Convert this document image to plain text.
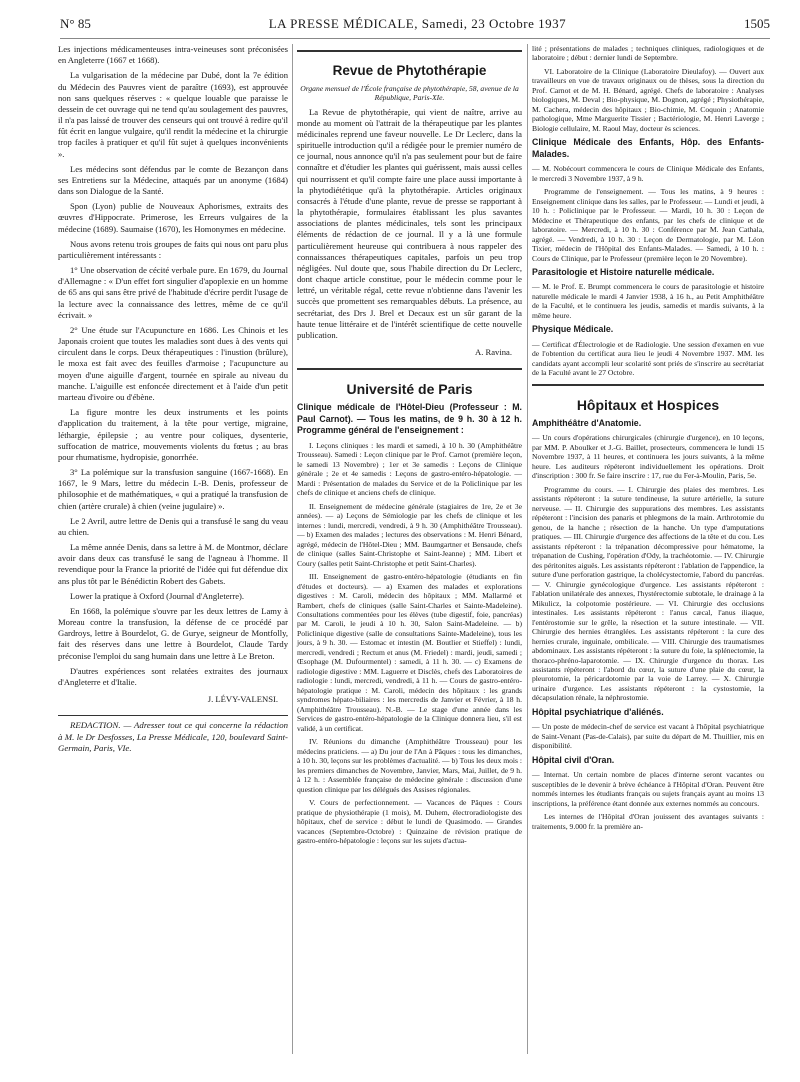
N° 85	LA PRESSE MÉDICALE, Samedi, 23 Octobre 1937	1505

Les injections médicamenteuses intra-veineuses sont préconisées en Angleterre (1667 et 1668).

La vulgarisation de la médecine par Dubé, dont la 7e édition du Médecin des Pauvres vient de paraître (1693), est approuvée non sans quelques réserves : « quelque louable que paraisse le dessein de cet ouvrage qui ne tend qu'au soulagement des pauvres, il n'a pas laissé de trouver des censeurs qui ont trouvé à redire qu'il fût écrit en langue vulgaire, qu'il rendit la médecine et la chirurgie trop faciles à pratiquer et qu'il fût sujet à quelques inconvénients ».

Les médecins sont défendus par le comte de Bezançon dans ses Entretiens sur la Médecine, attaqués par un anonyme (1684) dans son Dialogue de la Santé.

Spon (Lyon) publie de Nouveaux Aphorismes, extraits des œuvres d'Hippocrate. Primerose, les Erreurs vulgaires de la médecine (1689). Saumaise (1670), les Homonymes en médecine.

Nous avons retenu trois groupes de faits qui nous ont paru plus particulièrement intéressants :

1° Une observation de cécité verbale pure. En 1679, du Journal d'Allemagne : « D'un effet fort singulier d'apoplexie en un homme de 65 ans qui sans être privé de l'habitude d'écrire perdit l'usage de la lecture avec la connaissance des lettres, même de ce qu'il écrivait. »

2° Une étude sur l'Acupuncture en 1686. Les Chinois et les Japonais croient que toutes les maladies sont dues à des vents qui circulent dans le corps. Deux thérapeutiques : l'inustion (brûlure), le moxa est fait avec des feuilles d'armoise ; l'acupuncture au moyen d'une aiguille d'argent, tournée en spirale au niveau du manche. L'aiguille est enfoncée directement et à l'aide d'un petit marteau d'ivoire ou d'ébène.

La figure montre les deux instruments et les points d'application du traitement, à la tête pour vertige, migraine, léthargie, épilepsie ; au ventre pour coliques, dysenterie, suffocation de matrice, mouvements violents du fœtus ; au bras pour rhumatisme, hydropisie, gonorrhée.

3° La polémique sur la transfusion sanguine (1667-1668). En 1667, le 9 Mars, lettre du médecin I.-B. Denis, professeur de philosophie et de mathématiques, « qui a pratiqué la transfusion de chien (artère crurale) à chien (veine jugulaire) ».

Le 2 Avril, autre lettre de Denis qui a transfusé le sang du veau au chien.

La même année Denis, dans sa lettre à M. de Montmor, déclare avoir dans deux cas transfusé le sang de l'agneau à l'homme. Il revendique pour la France la priorité de l'idée qui fut défendue dix ans plus tôt par le Bénédictin Robert des Gabets.

Lower la pratique à Oxford (Journal d'Angleterre).

En 1668, la polémique s'ouvre par les deux lettres de Lamy à Moreau contre la transfusion, la défense de ce procédé par Gardroys, lettre à Bourdelot, G. de Gurye, seigneur de Montfolly, fait des réserves dans une lettre à Bourdelot, Claude Tardy préconise l'emploi du sang humain dans une lettre à Le Breton.

D'autres expériences sont relatées extraites des journaux d'Angleterre et d'Italie.

J. LÉVY-VALENSI.

REDACTION. — Adresser tout ce qui concerne la rédaction à M. le Dr Desfosses, La Presse Médicale, 120, boulevard Saint-Germain, Paris, VIe.

Revue de Phytothérapie

Organe mensuel de l'École française de phytothérapie, 58, avenue de la République, Paris-XIe.

La Revue de phytothérapie, qui vient de naître, arrive au monde au moment où l'attrait de la thérapeutique par les plantes médicinales reprend une faveur nouvelle. Le Dr Leclerc, dans la spirituelle introduction qu'il a rédigée pour le premier numéro de ce journal, nous annonce qu'il n'a pas seulement pour but de faire connaître et d'étudier les plantes qui guérissent, mais aussi celles qui nourrissent et qu'il compte faire une place aussi importante à la phytodiététique qu'à la phytothérapie. Articles originaux consacrés à l'étude d'une plante, revue de presse se rapportant à la phytothérapie, formulaires établissant les plus savantes associations de plantes médicinales, tels sont les principaux éléments de rédaction de ce journal. Il y a là une formule particulièrement heureuse qui contribuera à nous rappeler des connaissances thérapeutiques capitales, parfois un peu trop négligées. Nul doute que, sous l'habile direction du Dr Leclerc, dont chaque article constitue, pour le médecin comme pour le lettré, un véritable régal, cette revue n'obtienne dans l'avenir les succès que promettent ses remarquables débuts. La présence, au secrétariat, des Drs J. Brel et Decaux est un sûr garant de la haute tenue littéraire et de l'intérêt scientifique de cette nouvelle publication.

A. Ravina.
Université de Paris

Clinique médicale de l'Hôtel-Dieu (Professeur : M. Paul Carnot). — Tous les matins, de 9 h. 30 à 12 h. Programme général de l'enseignement :

I. Leçons cliniques : les mardi et samedi, à 10 h. 30 (Amphithéâtre Trousseau). Samedi : Leçon clinique par le Prof. Carnot (première leçon, le samedi 13 Novembre) ; 1er et 3e samedis : Leçons de Clinique générale ; 2e et 4e samedis : Leçons de gastro-entéro-hépatologie. — Mardi : Présentation de malades du Service et de la Policlinique par les chefs de clinique et anciens chefs de clinique.

II. Enseignement de médecine générale (stagiaires de 1re, 2e et 3e années). — a) Leçons de Sémiologie par les chefs de clinique et les internes : lundi, mercredi, vendredi, à 9 h. 30 (Amphithéâtre Trousseau). — b) Examen des malades ; lectures des observations : M. Henri Bénard, agrégé, médecin de l'Hôtel-Dieu ; MM. Baumgartner et Bensaude, chefs de clinique (salles Saint-Christophe et Saint-Jeanne) ; MM. Libert et Coury (salles petit Saint-Christophe et petit Saint-Charles).

III. Enseignement de gastro-entéro-hépatologie (étudiants en fin d'études et docteurs). — a) Examen des malades et explorations digestives : M. Caroli, médecin des hôpitaux ; MM. Mallarmé et Rambert, chefs de cliniques (salle Saint-Charles et Sainte-Madeleine). Consultations commentées pour les élèves (tube digestif, foie, pancréas) par M. Caroli, le jeudi à 10 h. 30, Salon Saint-Madeleine. — b) Policlinique digestive (salle de consultations Sainte-Madeleine), tous les jours, à 9 h. 30. — Estomac et intestin (M. Boutlier et Stieffel) : lundi, mercredi, vendredi ; Rectum et anus (M. Friedel) : mardi, jeudi, samedi ; Œsophage (M. Dufourmentel) : samedi, à 11 h. 30. — c) Examens de radiologie digestive : MM. Laguerre et Disclès, chefs des Laboratoires de radiologie : lundi, mercredi, vendredi, à 11 h. — Cours de gastro-entéro-hépatologie pratique : M. Caroli, médecin des hôpitaux : les grands syndromes hépato-biliaires : les mercredis de Janvier et Février, à 18 h. (Amphithéâtre Trousseau). N.-B. — Le stage d'une année dans les Services de gastro-entéro-hépatologie de la Clinique donnera lieu, s'il est validé, à un certificat.

IV. Réunions du dimanche (Amphithéâtre Trousseau) pour les médecins praticiens. — a) Du jour de l'An à Pâques : tous les dimanches, à 10 h. 30, leçons sur les problèmes d'actualité. — b) Tous les deux mois : les premiers dimanches de Novembre, Janvier, Mars, Mai, Juillet, de 9 h. à 12 h. : Assemblée française de médecine générale : discussion d'une question clinique par les délégués des Assises régionales.

V. Cours de perfectionnement. — Vacances de Pâques : Cours pratique de physiothérapie (1 mois), M. Duhem, électroradiologiste des hôpitaux, chef de service : début le lundi de Quasimodo. — Grandes vacances (Septembre-Octobre) : Quinzaine de révision pratique de gastro-entéro-hépatologie : leçons sur les sujets d'actua-

lité ; présentations de malades ; techniques cliniques, radiologiques et de laboratoire ; début : dernier lundi de Septembre.

VI. Laboratoire de la Clinique (Laboratoire Dieulafoy). — Ouvert aux travailleurs en vue de travaux originaux ou de thèses, sous la direction du Prof. Carnot et de M. H. Bénard, agrégé. Chefs de laboratoire : Analyses biologiques, M. Deval ; Bio-physique, M. Dognon, agrégé ; Physiothérapie, M. Cachera, médecin des hôpitaux ; Bio-chimie, M. Coquoin ; Anatomie pathologique, Mme Marguerite Tissier ; Bactériologie, M. Henri Laverge ; Biologie cellulaire, M. Raoul May, docteur ès sciences.

Clinique Médicale des Enfants, Hôp. des Enfants-Malades.

— M. Nobécourt commencera le cours de Clinique Médicale des Enfants, le mercredi 3 Novembre 1937, à 9 h.

Programme de l'enseignement. — Tous les matins, à 9 heures : Enseignement clinique dans les salles, par le Professeur. — Lundi et jeudi, à 10 h. : Policlinique par le Professeur. — Mardi, 10 h. 30 : Leçon de Médecine et Thérapeutique des enfants, par les chefs de clinique et de laboratoire. — Mercredi, à 10 h. 30 : Conférence par M. Jean Cathala, agrégé. — Vendredi, à 10 h. 30 : Leçon de Dermatologie, par M. Léon Tixier, médecin de l'Hôpital des Enfants-Malades. — Samedi, à 10 h. : Cours de Clinique, par le Professeur (première leçon le 20 Novembre).

Parasitologie et Histoire naturelle médicale.

— M. le Prof. E. Brumpt commencera le cours de parasitologie et histoire naturelle médicale le mardi 4 Janvier 1938, à 16 h., au Petit Amphithéâtre de la Faculté, et le continuera les jeudis, samedis et mardis suivants, à la même heure.

Physique Médicale.

— Certificat d'Électrologie et de Radiologie. Une session d'examen en vue de l'obtention du certificat aura lieu le jeudi 4 Novembre 1937. MM. les candidats ayant accompli leur scolarité sont priés de s'inscrire au secrétariat de la Faculté avant le 27 Octobre.

Hôpitaux et Hospices

Amphithéâtre d'Anatomie.

— Un cours d'opérations chirurgicales (chirurgie d'urgence), en 10 leçons, par MM. P. Aboulker et J.-G. Baillet, prosecteurs, commencera le lundi 15 Novembre 1937, à 11 heures, et continuera les jours suivants, à la même heure. Les auditeurs répéteront individuellement les opérations. Droit d'inscription : 300 fr. Se faire inscrire : 17, rue du Fer-à-Moulin, Paris, 5e.

Programme du cours. — I. Chirurgie des plaies des membres. Les assistants répéteront : la suture tendineuse, la suture artérielle, la suture nerveuse. — II. Chirurgie des suppurations des membres. Les assistants répéteront : l'incision des panaris et phlegmons de la main. Arthrotomie du genou, de la hanche ; résection de la hanche. Un type d'amputations pratiques. — III. Chirurgie d'urgence des affections de la tête et du cou. Les assistants répéteront : la trépanation décompressive pour hématome, la trépanation de Cushing, l'opération d'Ody, la trachéotomie. — IV. Chirurgie des péritonites aiguës. Les assistants répéteront : l'ablation de l'appendice, la suture d'une perforation gastrique, la cholécystectomie, l'abord du pancréas. — V. Chirurgie gynécologique d'urgence. Les assistants répéteront : l'ablation unilatérale des annexes, l'hystérectomie subtotale, le drainage à la Mikulicz, la colpotomie postérieure. — VI. Chirurgie des occlusions intestinales. Les assistants répéteront : l'anus cæcal, l'anus iliaque, l'entérostomie sur le grêle, la résection et la suture intestinale. — VII. Chirurgie des hernies étranglées. Les assistants répéteront : la cure des hernies crurale, inguinale, ombilicale. — VIII. Chirurgie des traumatismes abdominaux. Les assistants répéteront : la suture du foie, la splénectomie, la thoraco-phréno-laparotomie. — IX. Chirurgie d'urgence du thorax. Les assistants répéteront : l'abord du cœur, la suture d'une plaie du cœur, la pleurotomie, la péricardotomie par la voie de Larrey. — X. Chirurgie urinaire d'urgence. Les assistants répéteront : la cystostomie, la décapsulation rénale, la néphrostomie.

Hôpital psychiatrique d'aliénés.

— Un poste de médecin-chef de service est vacant à l'hôpital psychiatrique de Saint-Venant (Pas-de-Calais), par suite du départ de M. Thuillier, mis en disponibilité.

Hôpital civil d'Oran.

— Internat. Un certain nombre de places d'interne seront vacantes ou susceptibles de le devenir à brève échéance à l'Hôpital d'Oran. Peuvent être nommés internes les étudiants français ou sujets français ayant au moins 13 inscriptions, la préférence étant donnée aux externes nommés au concours.

Les internes de l'Hôpital d'Oran jouissent des avantages suivants : traitements, 9.000 fr. la première an-
